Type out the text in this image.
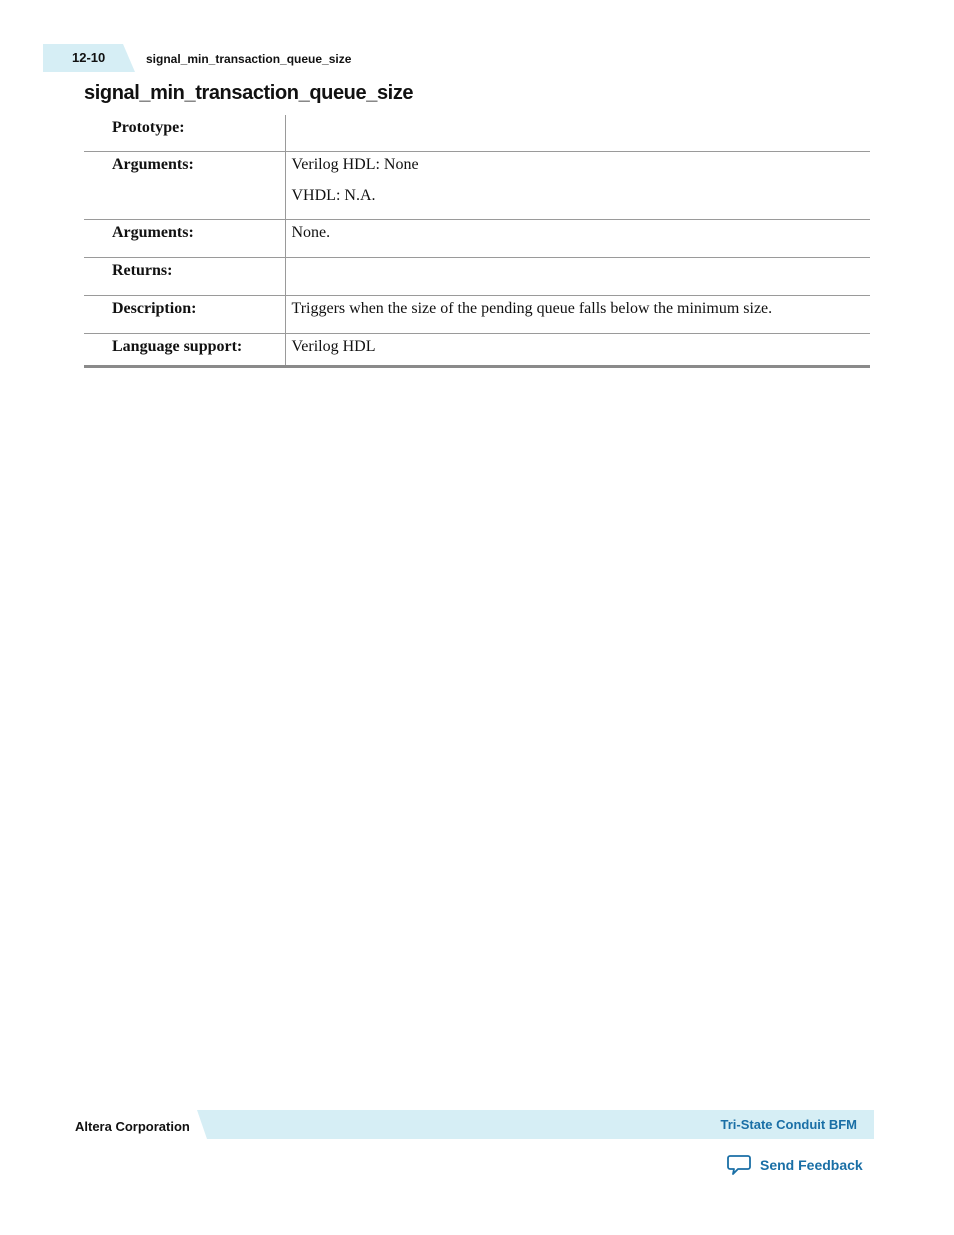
12-10	signal_min_transaction_queue_size
signal_min_transaction_queue_size
Prototype:	
Arguments:	Verilog HDL: None
VHDL: N.A.

Arguments:	None.
Returns:	
Description:	Triggers when the size of the pending queue falls below the minimum size.
Language support:	Verilog HDL
Altera Corporation	Tri-State Conduit BFM
Send Feedback
